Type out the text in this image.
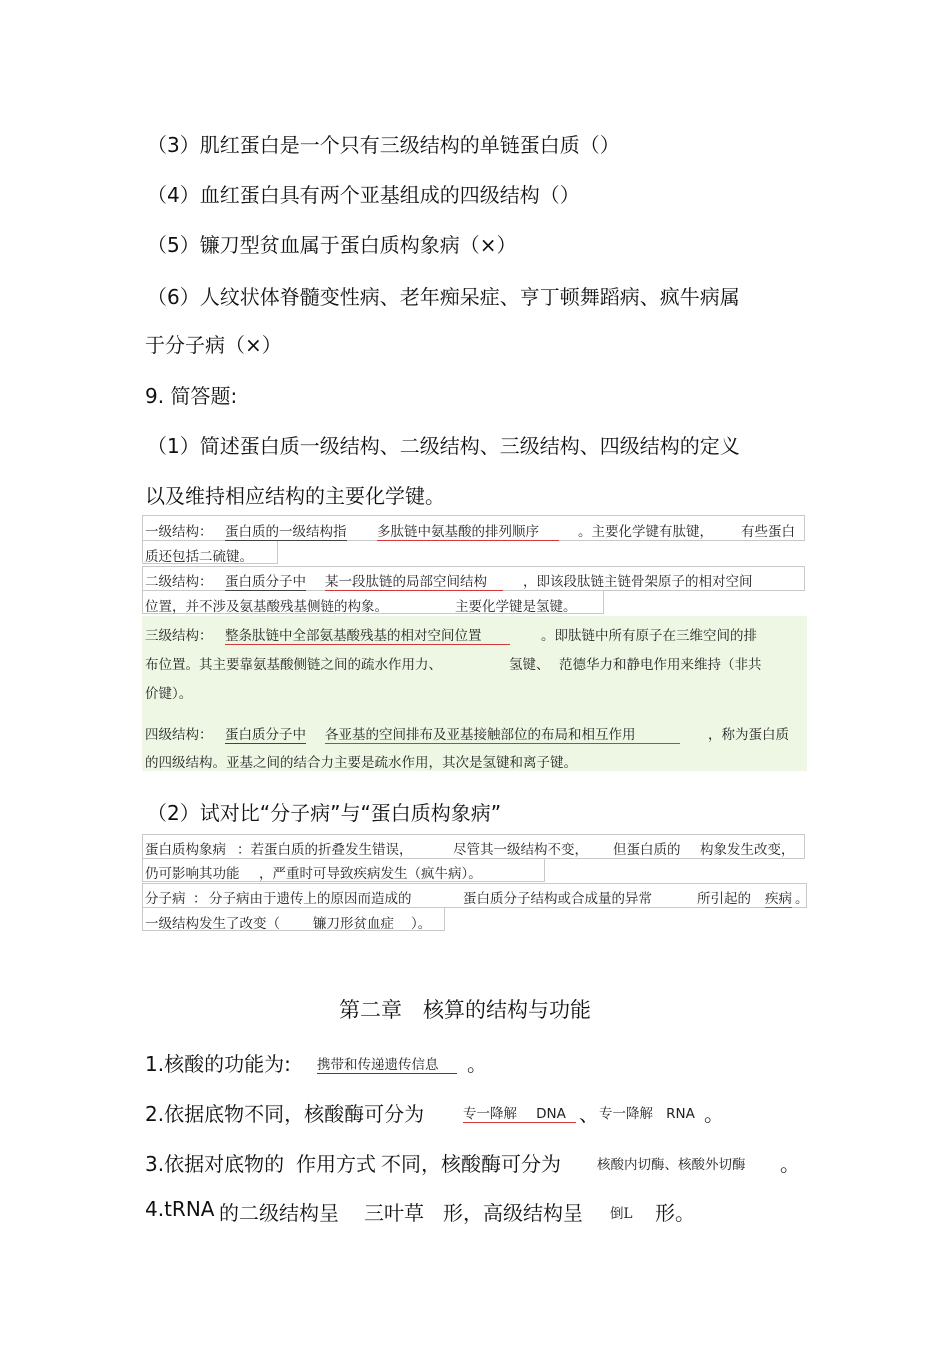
（3）肌红蛋白是一个只有三级结构的单链蛋白质（）
（4）血红蛋白具有两个亚基组成的四级结构（）
（5）镰刀型贫血属于蛋白质构象病（×）
（6）人纹状体脊髓变性病、老年痴呆症、亨丁顿舞蹈病、疯牛病属
于分子病（×）
9. 简答题:
（1）简述蛋白质一级结构、二级结构、三级结构、四级结构的定义
以及维持相应结构的主要化学键。
一级结构： 蛋白质的一级结构指 多肽链中氨基酸的排列顺序	。主要化学键有肽键， 有些蛋白
质还包括二硫键。
二级结构： 蛋白质分子中 某一段肽链的局部空间结构	，即该段肽链主链骨架原子的相对空间
位置，并不涉及氨基酸残基侧链的构象。	主要化学键是氢键。
三级结构： 整条肽链中全部氨基酸残基的相对空间位置	。即肽链中所有原子在三维空间的排
布位置。其主要靠氨基酸侧链之间的疏水作用力、	氢键、 范德华力和静电作用来维持（非共
价键）。
四级结构： 蛋白质分子中 各亚基的空间排布及亚基接触部位的布局和相互作用	，称为蛋白质
的四级结构。亚基之间的结合力主要是疏水作用，其次是氢键和离子键。
（2）试对比“分子病”与“蛋白质构象病”
蛋白质构象病 ：若蛋白质的折叠发生错误，	尽管其一级结构不变， 但蛋白质的 构象发生改变，
仍可影响其功能 ，严重时可导致疾病发生（疯牛病）。
分子病 ： 分子病由于遗传上的原因而造成的	蛋白质分子结构或合成量的异常	所引起的 疾病 。
一级结构发生了改变（ 镰刀形贫血症 ）。
第二章　核算的结构与功能
1.核酸的功能为: 携带和传递遗传信息	。
2.依据底物不同，核酸酶可分为	专一降解 DNA 、 专一降解 RNA 。
3.依据对底物的 作用方式 不同，核酸酶可分为	核酸内切酶、核酸外切酶 。
4.tRNA 的二级结构呈 三叶草 形，高级结构呈 倒L 形。
